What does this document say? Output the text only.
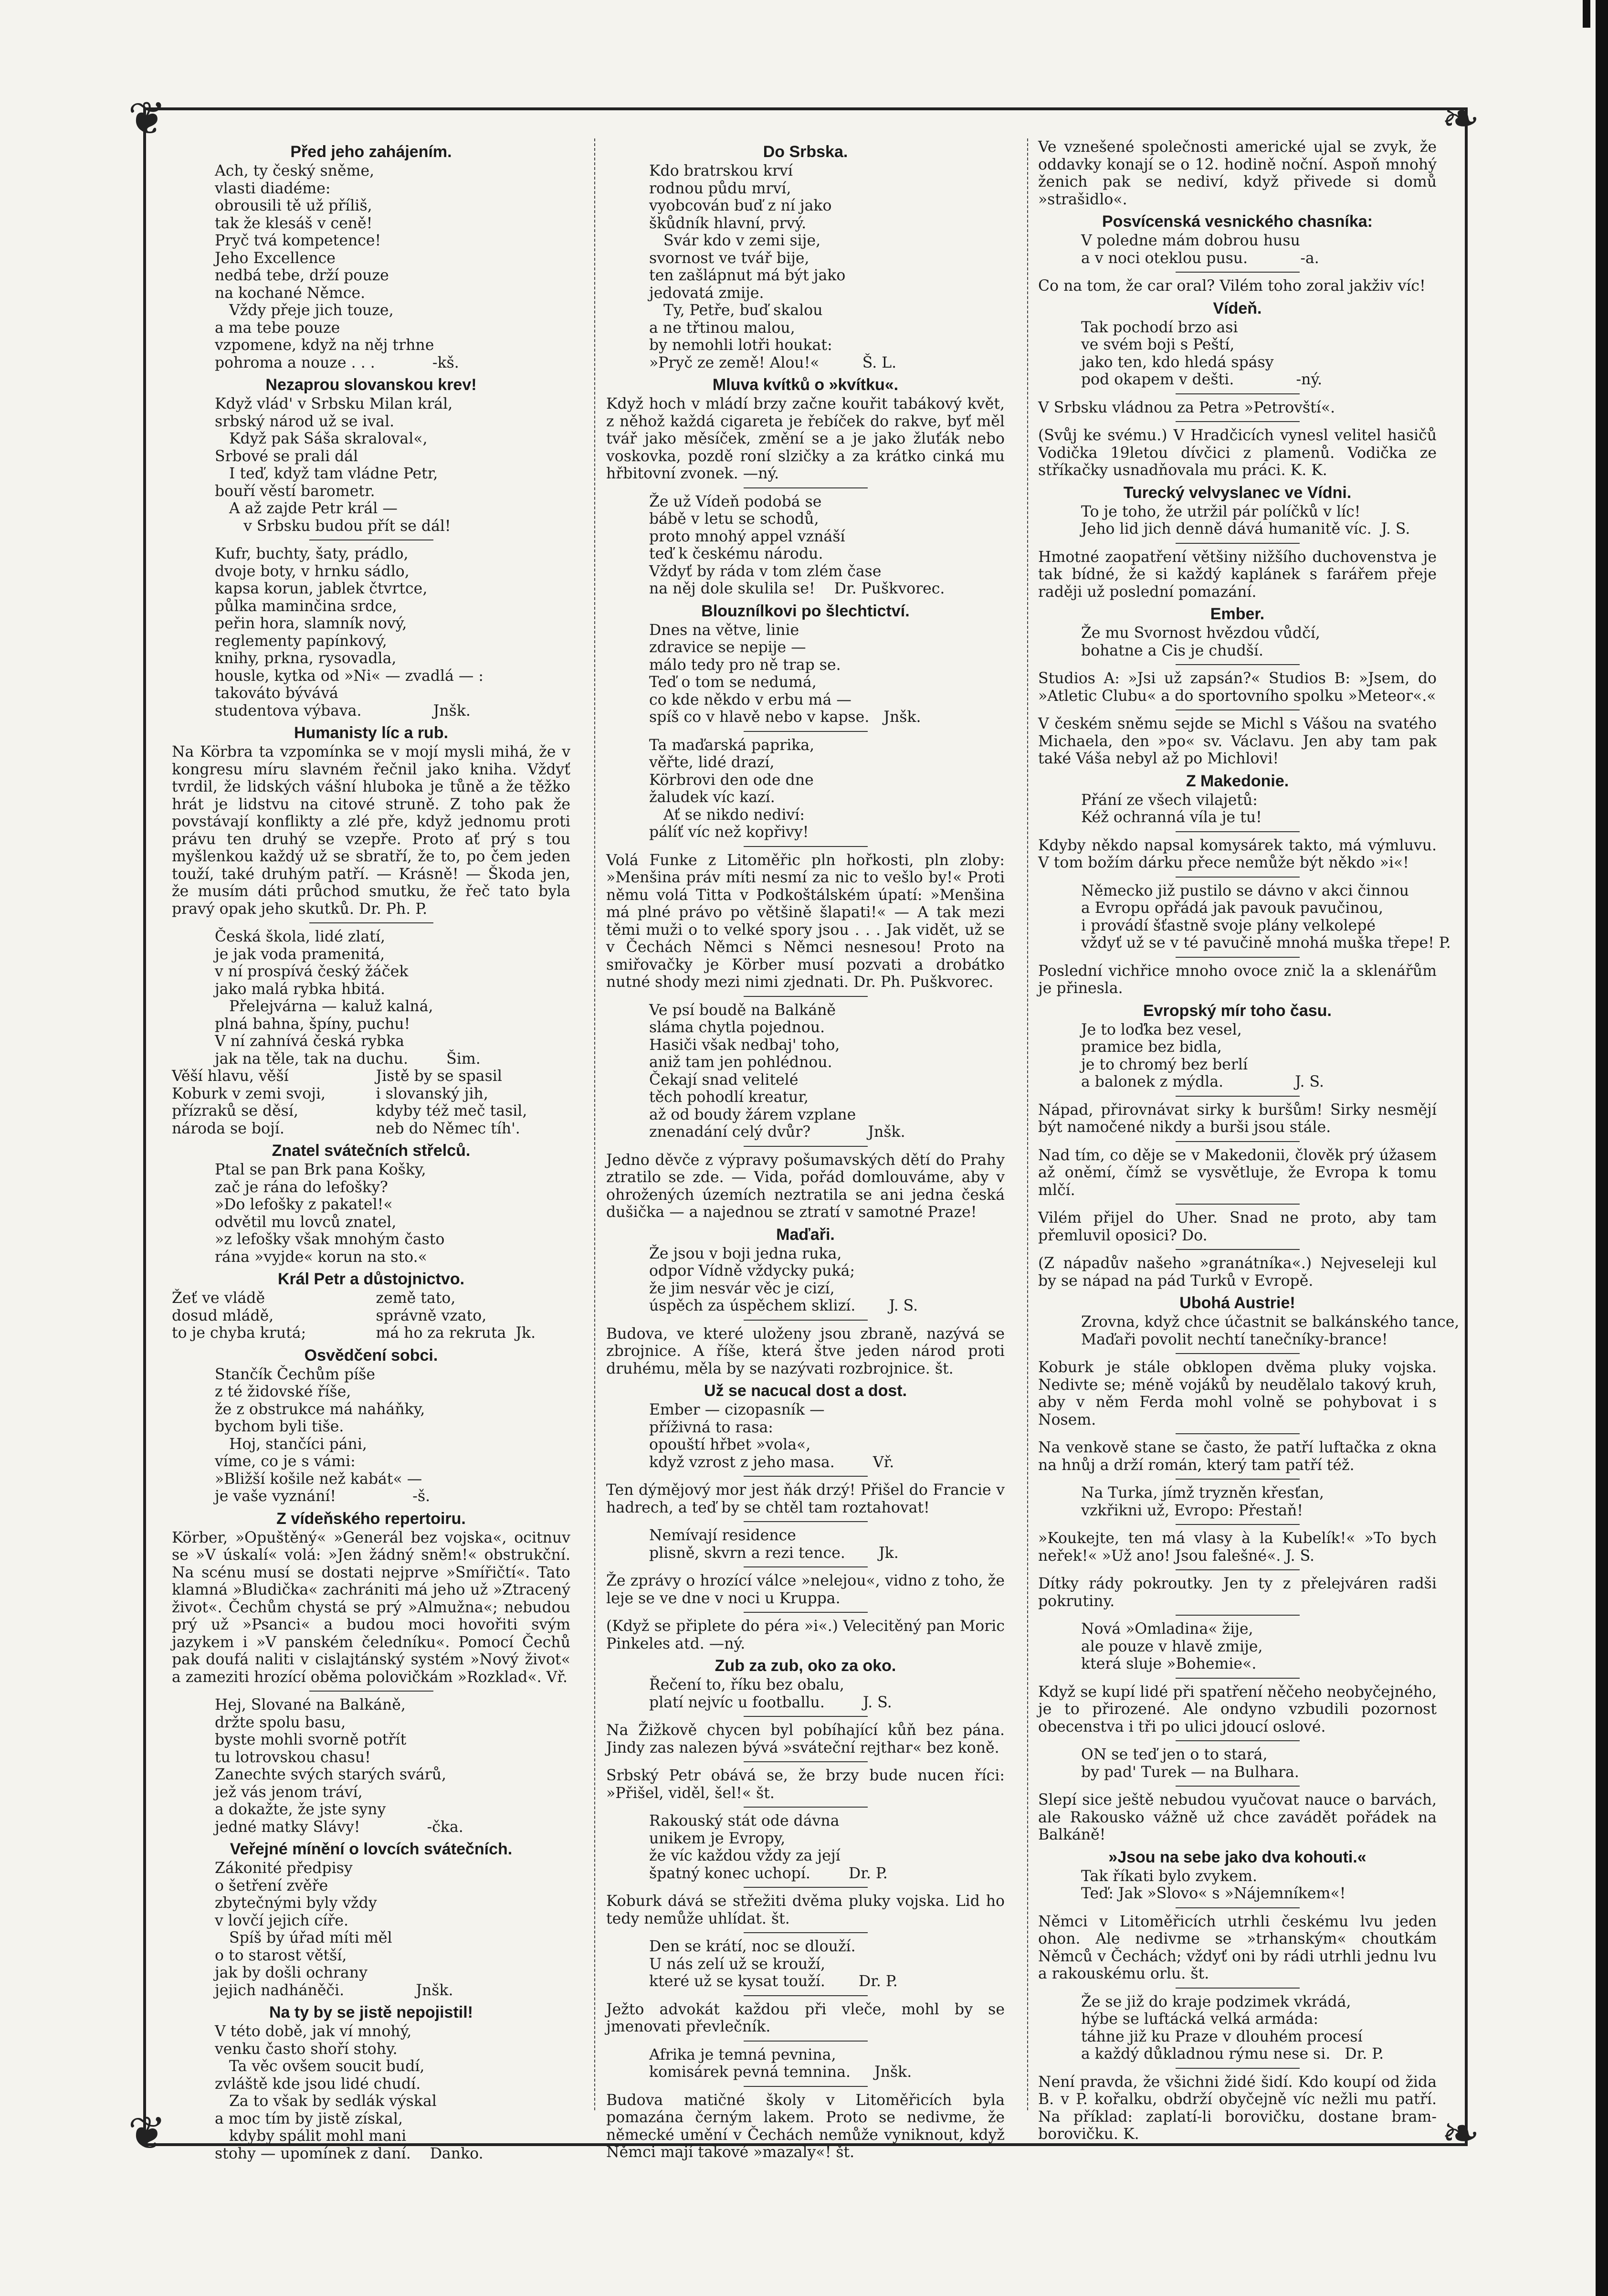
❦	❧
❦	❧
Před jeho zahájením.
Ach, ty český sněme,
vlasti diadéme:
obrousili tě už příliš,
tak že klesáš v ceně!
Pryč tvá kompetence!
Jeho Excellence
nedbá tebe, drží pouze
na kochané Němce.
Vždy přeje jich touze,
a mа tebe pouze
vzpomene, když na něj trhne
pohroma a nouze . . .            -kš.
Nezaprou slovanskou krev!
Když vlád' v Srbsku Milan král,
srbský národ už se ival.
Když pak Sáša skraloval«,
Srbové se prali dál
I teď, když tam vládne Petr,
bouří věstí barometr.
A až zajde Petr král —
v Srbsku budou přít se dál!
Kufr, buchty, šaty, prádlo,
dvoje boty, v hrnku sádlo,
kapsa korun, jablek čtvrtce,
půlka maminčina srdce,
peřin hora, slamník nový,
reglementy papínkový,
knihy, prkna, rysovadla,
housle, kytka od »Ni« — zvadlá — :
takováto bývává
studentova výbava.               Jnšk.
Humanisty líc a rub.

Na Körbra ta vzpomínka se v mojí mysli mihá, že v kongresu míru slavném řečnil jako kniha. Vždyť tvrdil, že lidských vášní hlubokа je tůně a že těžko hrát je lidstvu na citové struně. Z toho pak že povstávají konflikty a zlé pře, když jednomu proti právu ten druhý se vzepře. Proto ať prý s tou myšlenkou každý už se sbratří, že to, po čem jeden touží, také druhým patří. — Krásně! — Škoda jen, že musím dáti průchod smutku, že řeč tato byla pravý opak jeho skutků. Dr. Ph. P.

Česká škola, lidé zlatí,
je jak voda pramenitá,
v ní prospívá český žáček
jako malá rybka hbitá.
Přelejvárna — kaluž kalná,
plná bahna, špíny, puchu!
V ní zahnívá česká rybka
jak na těle, tak na duchu.        Šim.
Věší hlavu, věší
Koburk v zemi svoji,
přízraků se děsí,
národa se bojí.
Jistě by se spasil
i slovanský jih,
kdyby též meč tasil,
neb do Němec tíh'.
Znatel svátečních střelců.
Ptal se pan Brk pana Košky,
zač je rána do lefošky?
»Do lefošky z pakatel!«
odvětil mu lovců znatel,
»z lefošky však mnohým často
rána »vyjde« korun na sto.«
Král Petr a důstojnictvo.
Žeť ve vládě
dosud mládě,
to je chyba krutá;
země tato,
správně vzato,
má ho za rekruta  Jk.
Osvědčení sobci.
Stančík Čechům píše
z té židovské říše,
že z obstrukce má naháňky,
bychom byli tiše.
Hoj, stančíci páni,
víme, co je s vámi:
»Bližší košile než kabát« —
je vaše vyznání!                -š.
Z vídeňského repertoiru.

Körber, »Opuštěný« »Generál bez vojska«, ocitnuv se »V úskalí« volá: »Jen žádný sněm!« obstrukční. Na scénu musí se dostati nejprve »Smířičtí«. Tato klamná »Bludička« zachrániti má jeho už »Ztracený život«. Čechům chystá se prý »Almužna«; nebudou prý už »Psanci« a budou moci hovořiti svým jazykem i »V panském čeledníku«. Pomocí Čechů pak doufá naliti v cislajtánský systém »Nový život« a zameziti hrozící oběma polovičkám »Rozklad«. Vř.

Hej, Slované na Balkáně,
držte spolu basu,
byste mohli svorně potřít
tu lotrovskou chasu!
Zanechte svých starých svárů,
jež vás jenom tráví,
a dokažte, že jste syny
jedné matky Slávy!              -čka.
Veřejné mínění o lovcích svátečních.
Zákonité předpisy
o šetření zvěře
zbytečnými byly vždy
v lovčí jejich cíře.
Spíš by úřad míti měl
o to starost větší,
jak by došli ochrany
jejich nadháněči.               Jnšk.
Na ty by se jistě nepojistil!
V této době, jak ví mnohý,
venku často shoří stohy.
Ta věc ovšem soucit budí,
zvláště kde jsou lidé chudí.
Za to však by sedlák výskal
a moc tím by jistě získal,
kdyby spálit mohl mani
stohy — upomínek z daní.    Danko.
Do Srbska.
Kdo bratrskou krví
rodnou půdu mrví,
vyobcován buď z ní jako
škůdník hlavní, prvý.
Svár kdo v zemi sije,
svornost ve tvář bije,
ten zašlápnut má být jako
jedovatá zmije.
Ty, Petře, buď skalou
a ne třtinou malou,
by nemohli lotři houkat:
»Pryč ze země! Alou!«         Š. L.
Mluva kvítků o »kvítku«.

Když hoch v mládí brzy začne kouřit tabákový květ, z něhož každá cigareta je řebíček do rakve, byť měl tvář jako měsíček, změní se a je jako žluťák nebo voskovka, pozdě roní slzičky a za krátko cinká mu hřbitovní zvonek. —ný.

Že už Vídeň podobá se
bábě v letu se schodů,
proto mnohý appel vznáší
teď k českému národu.
Vždyť by ráda v tom zlém čase
na něj dole skulila se!    Dr. Puškvorec.
Blouznílkovi po šlechtictví.
Dnes na větve, linie
zdravice se nepije —
málo tedy pro ně trap se.
Teď o tom se nedumá,
co kde někdo v erbu má —
spíš co v hlavě nebo v kapse.   Jnšk.
Ta maďarská paprika,
věřte, lidé drazí,
Körbrovi den ode dne
žaludek víc kazí.
Ať se nikdo nediví:
pálíť víc než kopřivy!

Volá Funke z Litoměřic pln hořkosti, pln zloby: »Menšina práv míti nesmí za nic to vešlo by!« Proti němu volá Titta v Podkoštálském úpatí: »Menšina má plné právo po většině šlapati!« — A tak mezi těmi muži o to velké spory jsou . . . Jak vidět, už se v Čechách Němci s Němci nesnesou! Proto na smiřovačky je Körber musí pozvati a drobátko nutné shody mezi nimi zjednati. Dr. Ph. Puškvorec.

Ve psí boudě na Balkáně
sláma chytla pojednou.
Hasiči však nedbaj' toho,
aniž tam jen pohlédnou.
Čekají snad velitelé
těch pohodlí kreatur,
až od boudy žárem vzplane
znenadání celý dvůr?            Jnšk.

Jedno děvče z výpravy pošumavských dětí do Prahy ztratilo se zde. — Vida, pořád domlouváme, aby v ohrožených územích neztratila se ani jedna česká dušička — a najednou se ztratí v samotné Praze!

Maďaři.
Že jsou v boji jedna ruka,
odpor Vídně vždycky puká;
že jim nesvár věc je cizí,
úspěch za úspěchem sklizí.       J. S.

Budova, ve které uloženy jsou zbraně, nazývá se zbrojnice. A říše, která štve jeden národ proti druhému, měla by se nazývati rozbrojnice. št.

Už se nacucal dost a dost.
Ember — cizopasník —
příživná to rasa:
opouští hřbet »vola«,
když vzrost z jeho masa.        Vř.

Ten dýmějový mor jest ňák drzý! Přišel do Francie v hadrech, a teď by se chtěl tam roztahovat!

Nemívají residence
plisně, skvrn a rezi tence.       Jk.

Že zprávy o hrozící válce »nelejou«, vidno z toho, že leje se ve dne v noci u Kruppa.

(Když se připlete do péra »i«.) Velecitěný pan Moric Pinkeles atd. —ný.

Zub za zub, oko za oko.
Řečení to, říku bez obalu,
platí nejvíc u footballu.        J. S.

Na Žižkově chycen byl pobíhající kůň bez pána. Jindy zas nalezen bývá »sváteční rejthar« bez koně.

Srbský Petr obává se, že brzy bude nucen říci: »Přišel, viděl, šel!« št.

Rakouský stát ode dávna
unikem je Evropy,
že víc každou vždy za její
špatný konec uchopí.        Dr. P.

Koburk dává se střežiti dvěma pluky vojska. Lid ho tedy nemůže uhlídat. št.

Den se krátí, noc se dlouží.
U nás zelí už se krouží,
které už se kysat touží.       Dr. P.

Ježto advokát každou při vlečе, mohl by se jmenovati převlečník.

Afrika je temná pevnina,
komisárek pevná temnina.     Jnšk.

Budova matičné školy v Litoměřicích byla pomazána černým lakem. Proto se nedivme, že německé umění v Čechách nemůže vyniknout, když Němci mají takové »mazaly«! št.

Ve vznešené společnosti americké ujal se zvyk, že oddavky konají se o 12. hodině noční. Aspoň mnohý ženich pak se nediví, když přivede si domů »strašidlo«.

Posvícenská vesnického chasníka:
V poledne mám dobrou husu
a v noci oteklou pusu.           -a.

Co na tom, že car oral? Vilém toho zoral jakživ víc!

Vídeň.
Tak pochodí brzo asi
ve svém boji s Peští,
jako ten, kdo hledá spásy
pod okapem v dešti.             -ný.

V Srbsku vládnou za Petra »Petrovští«.

(Svůj ke svému.) V Hradčicích vynesl velitel hasičů Vodička 19letou dívčici z plamenů. Vodička ze stříkačky usnadňovala mu práci. K. K.

Turecký velvyslanec ve Vídni.
To je toho, že utržil pár políčků v líc!
Jeho lid jich denně dává humanitě víc.  J. S.

Hmotné zaopatření většiny nižšího duchovenstva je tak bídné, že si každý kaplánek s farářem přeje raději už poslední pomazání.

Ember.
Že mu Svornost hvězdou vůdčí,
bohatne a Cis je chudší.

Studios A: »Jsi už zapsán?« Studios B: »Jsem, do »Atletic Clubu« a do sportovního spolku »Meteor«.«

V českém sněmu sejde se Michl s Vášou na svatého Michaela, den »po« sv. Václavu. Jen aby tam pak také Váša nebyl až po Michlovi!

Z Makedonie.
Přání ze všech vilajetů:
Kéž ochranná víla je tu!

Kdyby někdo napsal komysárek takto, má výmluvu. V tom božím dárku přece nemůže být někdo »i«!

Německo již pustilo se dávno v akci činnou
a Evropu opřádá jak pavouk pavučinou,
i provádí šťastně svoje plány velkolepé
vždyť už se v té pavučině mnohá muška třepe! P.

Poslední vichřice mnoho ovoce znič la a sklenářům je přinesla.

Evropský mír toho času.
Je to loďka bez vesel,
pramice bez bidla,
je to chromý bez berlí
a balonek z mýdla.               J. S.

Nápad, přirovnávat sirky k buršům! Sirky nesmějí být namočené nikdy a burši jsou stále.

Nad tím, co děje se v Makedonii, člověk prý úžasem až oněmí, čímž se vysvětluje, že Evropa k tomu mlčí.

Vilém přijel do Uher. Snad ne proto, aby tam přemluvil oposici? Do.

(Z nápadův našeho »granátníka«.) Nejveseleji kul by se nápad na pád Turků v Evropě.

Ubohá Austrie!
Zrovna, když chce účastnit se balkánského tance,
Maďaři povolit nechtí tanečníky-brance!

Koburk je stále obklopen dvěma pluky vojska. Nedivte se; méně vojáků by neudělalo takový kruh, aby v něm Ferda mohl volně se pohybovat i s Nosem.

Na venkově stane se často, že patří luftačka z okna na hnůj a drží román, který tam patří též.

Na Turka, jímž tryzněn křesťan,
vzkřikni už, Evropo: Přestaň!

»Koukejte, ten má vlasy à la Kubelík!« »To bych neřek!« »Už ano! Jsou falešné«. J. S.

Dítky rády pokroutky. Jen ty z přelejváren radši pokrutiny.

Nová »Omladina« žije,
ale pouze v hlavě zmije,
která sluje »Bohemie«.

Když se kupí lidé při spatření něčeho neobyčejného, je to přirozené. Ale ondyno vzbudili pozornost obecenstva i tři po ulici jdoucí oslové.

ON se teď jen o to stará,
by pad' Turek — na Bulhara.

Slepí sice ještě nebudou vyučovat nauce o barvách, ale Rakousko vážně už chce zavádět pořádek na Balkáně!

»Jsou na sebe jako dva kohouti.«
Tak říkati bylo zvykem.
Teď: Jak »Slovo« s »Nájemníkem«!

Němci v Litoměřicích utrhli českému lvu jeden ohon. Ale nedivme se »trhanským« choutkám Němců v Čechách; vždyť oni by rádi utrhli jednu lvu a rakouskému orlu. št.

Že se již do kraje podzimek vkrádá,
hýbe se luftácká velká armáda:
táhne již ku Praze v dlouhém procesí
a každý důkladnou rýmu nese si.   Dr. P.

Není pravda, že všichni židé šidí. Kdo koupí od žida B. v P. kořalku, obdrží obyčejně víc nežli mu patří. Na příklad: zaplatí-li borovičku, dostane bram-borovičku. K.
